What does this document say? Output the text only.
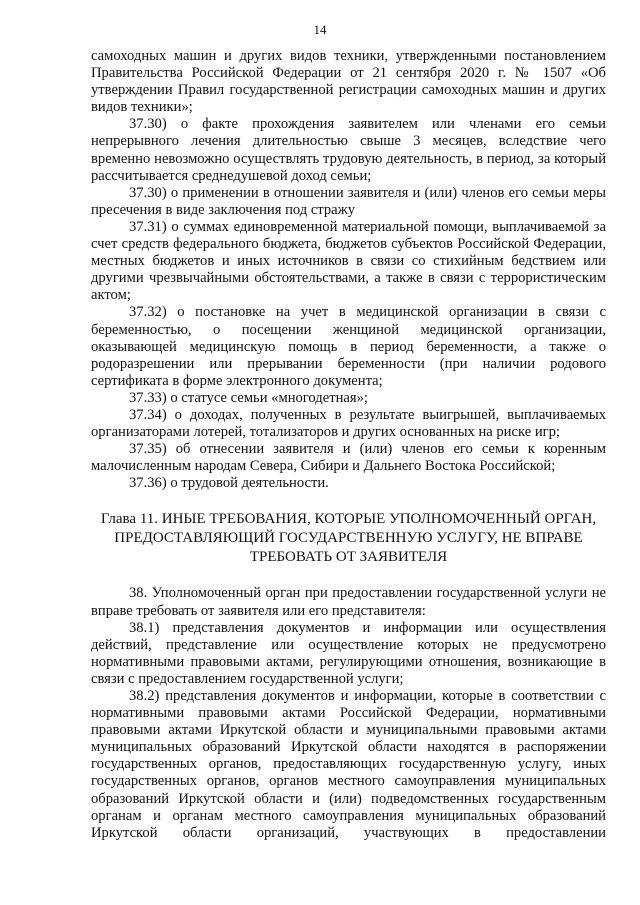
14

самоходных машин и других видов техники, утвержденными постановлением Правительства Российской Федерации от 21 сентября 2020 г. № 1507 «Об утверждении Правил государственной регистрации самоходных машин и других видов техники»;

37.30) о факте прохождения заявителем или членами его семьи непрерывного лечения длительностью свыше 3 месяцев, вследствие чего временно невозможно осуществлять трудовую деятельность, в период, за который рассчитывается среднедушевой доход семьи;

37.30) о применении в отношении заявителя и (или) членов его семьи меры пресечения в виде заключения под стражу

37.31) о суммах единовременной материальной помощи, выплачиваемой за счет средств федерального бюджета, бюджетов субъектов Российской Федерации, местных бюджетов и иных источников в связи со стихийным бедствием или другими чрезвычайными обстоятельствами, а также в связи с террористическим актом;

37.32) о постановке на учет в медицинской организации в связи с беременностью, о посещении женщиной медицинской организации, оказывающей медицинскую помощь в период беременности, а также о родоразрешении или прерывании беременности (при наличии родового сертификата в форме электронного документа;

37.33) о статусе семьи «многодетная»;

37.34) о доходах, полученных в результате выигрышей, выплачиваемых организаторами лотерей, тотализаторов и других основанных на риске игр;

37.35) об отнесении заявителя и (или) членов его семьи к коренным малочисленным народам Севера, Сибири и Дальнего Востока Российской;

37.36) о трудовой деятельности.

Глава 11. ИНЫЕ ТРЕБОВАНИЯ, КОТОРЫЕ УПОЛНОМОЧЕННЫЙ ОРГАН,
ПРЕДОСТАВЛЯЮЩИЙ ГОСУДАРСТВЕННУЮ УСЛУГУ, НЕ ВПРАВЕ
ТРЕБОВАТЬ ОТ ЗАЯВИТЕЛЯ

38. Уполномоченный орган при предоставлении государственной услуги не вправе требовать от заявителя или его представителя:

38.1) представления документов и информации или осуществления действий, представление или осуществление которых не предусмотрено нормативными правовыми актами, регулирующими отношения, возникающие в связи с предоставлением государственной услуги;

38.2) представления документов и информации, которые в соответствии с нормативными правовыми актами Российской Федерации, нормативными правовыми актами Иркутской области и муниципальными правовыми актами муниципальных образований Иркутской области находятся в распоряжении государственных органов, предоставляющих государственную услугу, иных государственных органов, органов местного самоуправления муниципальных образований Иркутской области и (или) подведомственных государственным органам и органам местного самоуправления муниципальных образований Иркутской области организаций, участвующих в предоставлении
